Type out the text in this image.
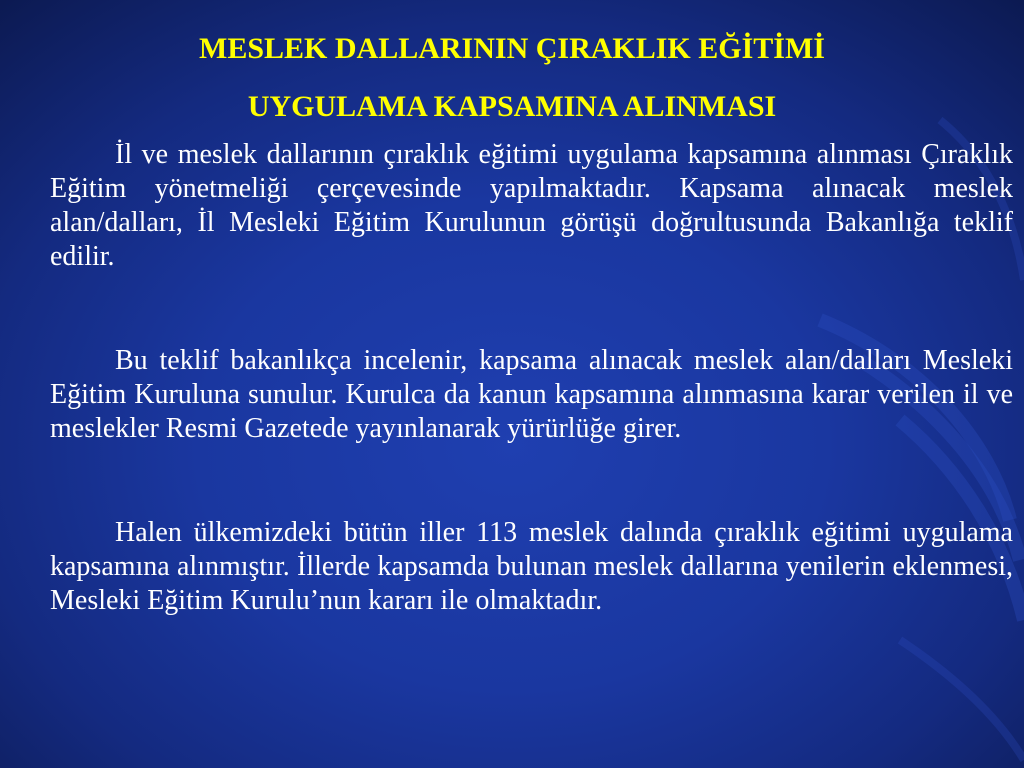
MESLEK DALLARININ ÇIRAKLIK EĞİTİMİ
UYGULAMA KAPSAMINA ALINMASI

İl ve meslek dallarının çıraklık eğitimi uygulama kapsamına alınması Çıraklık Eğitim yönetmeliği çerçevesinde yapılmaktadır. Kapsama alınacak meslek alan/dalları, İl Mesleki Eğitim Kurulunun görüşü doğrultusunda Bakanlığa teklif edilir.

Bu teklif bakanlıkça incelenir, kapsama alınacak meslek alan/dalları Mesleki Eğitim Kuruluna sunulur. Kurulca da kanun kapsamına alınmasına karar verilen il ve meslekler Resmi Gazetede yayınlanarak yürürlüğe girer.

Halen ülkemizdeki bütün iller 113 meslek dalında çıraklık eğitimi uygulama kapsamına alınmıştır. İllerde kapsamda bulunan meslek dallarına yenilerin eklenmesi, Mesleki Eğitim Kurulu’nun kararı ile olmaktadır.
